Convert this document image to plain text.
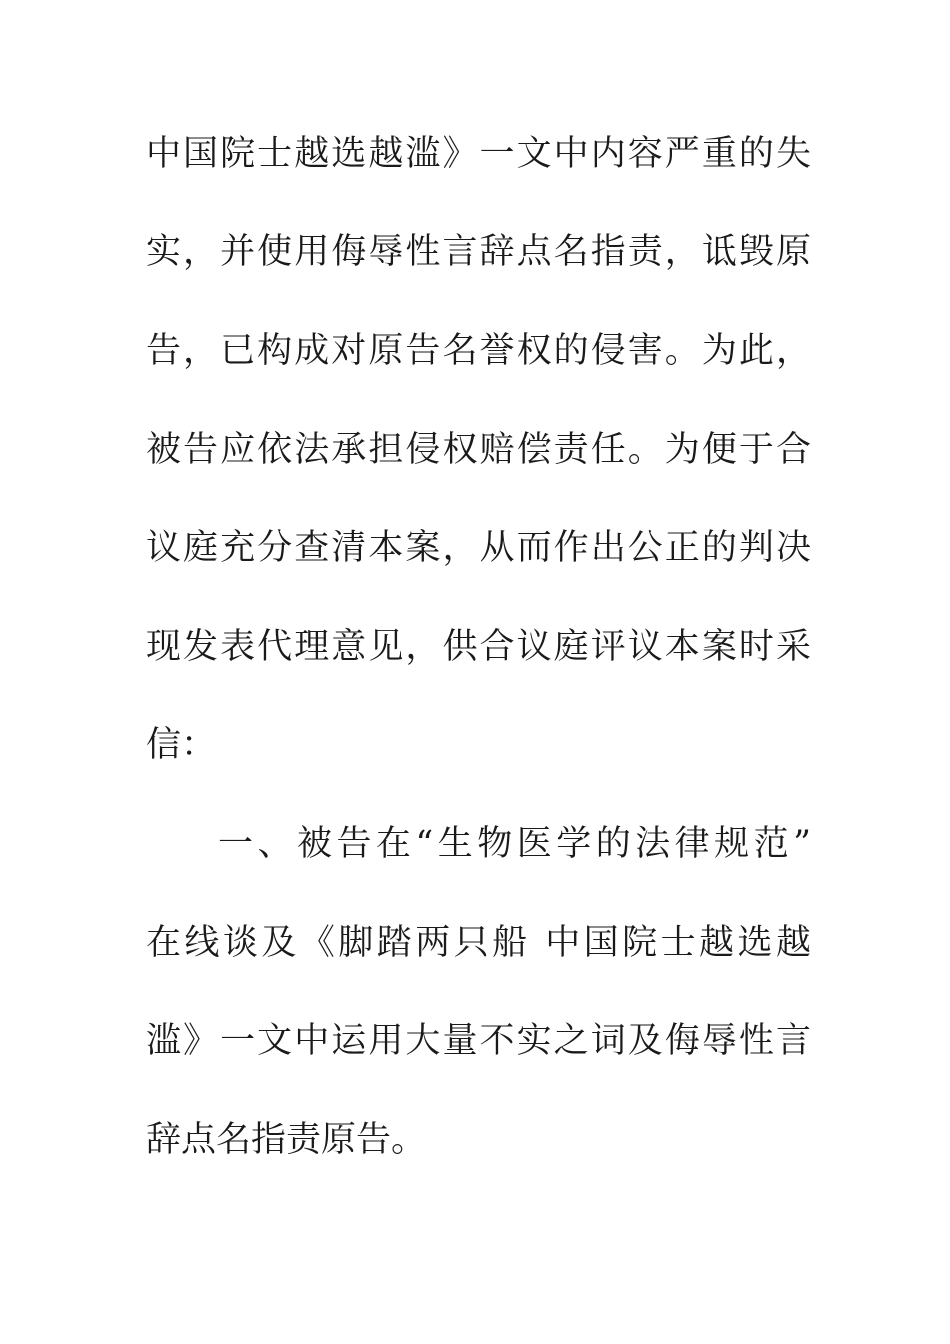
中国院士越选越滥》一文中内容严重的失
实，并使用侮辱性言辞点名指责，诋毁原
告，已构成对原告名誉权的侵害。为此，
被告应依法承担侵权赔偿责任。为便于合
议庭充分查清本案，从而作出公正的判决
现发表代理意见，供合议庭评议本案时采
信：
一、被告在“生物医学的法律规范”
在线谈及《脚踏两只船 中国院士越选越
滥》一文中运用大量不实之词及侮辱性言
辞点名指责原告。
